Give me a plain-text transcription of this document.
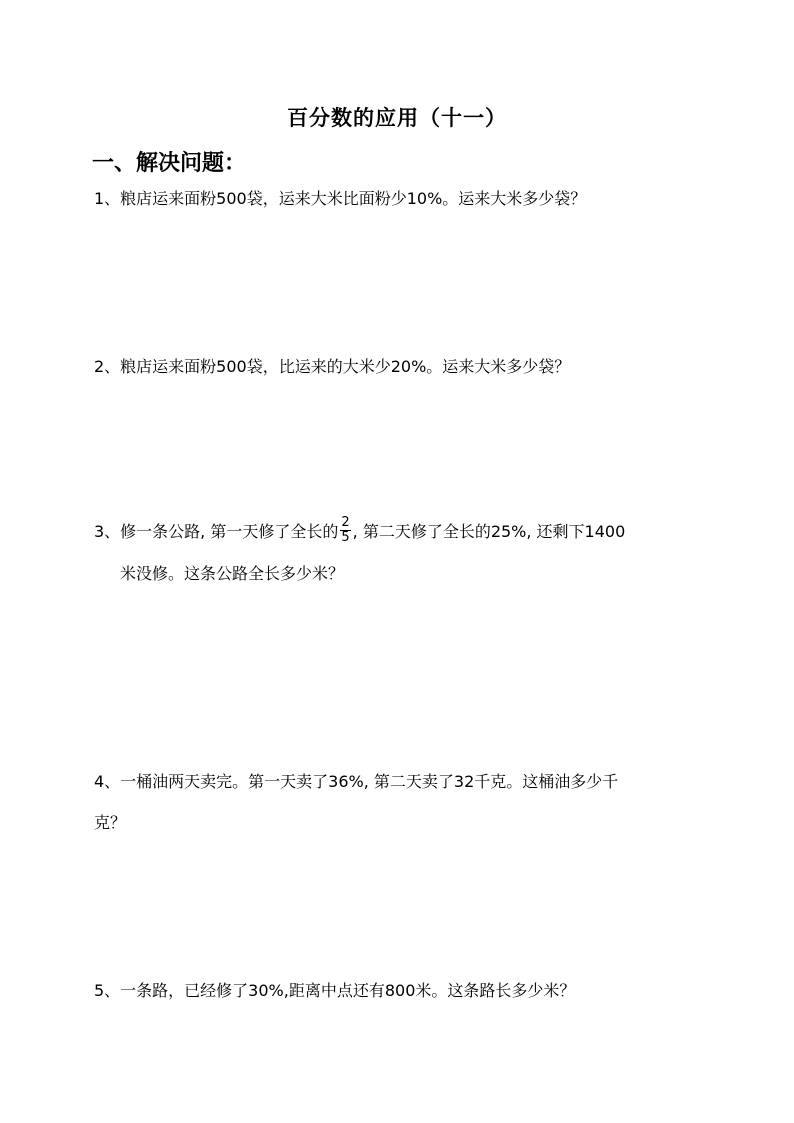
百分数的应用（十一）
一、解决问题：
1、粮店运来面粉500袋，运来大米比面粉少10%。运来大米多少袋？
2、粮店运来面粉500袋，比运来的大米少20%。运来大米多少袋？
3、修一条公路, 第一天修了全长的 $\frac{2}{5}$ , 第二天修了全长的25%, 还剩下1400
米没修。这条公路全长多少米？
4、一桶油两天卖完。第一天卖了36%, 第二天卖了32千克。这桶油多少千
克？
5、一条路，已经修了30%,距离中点还有800米。这条路长多少米？
